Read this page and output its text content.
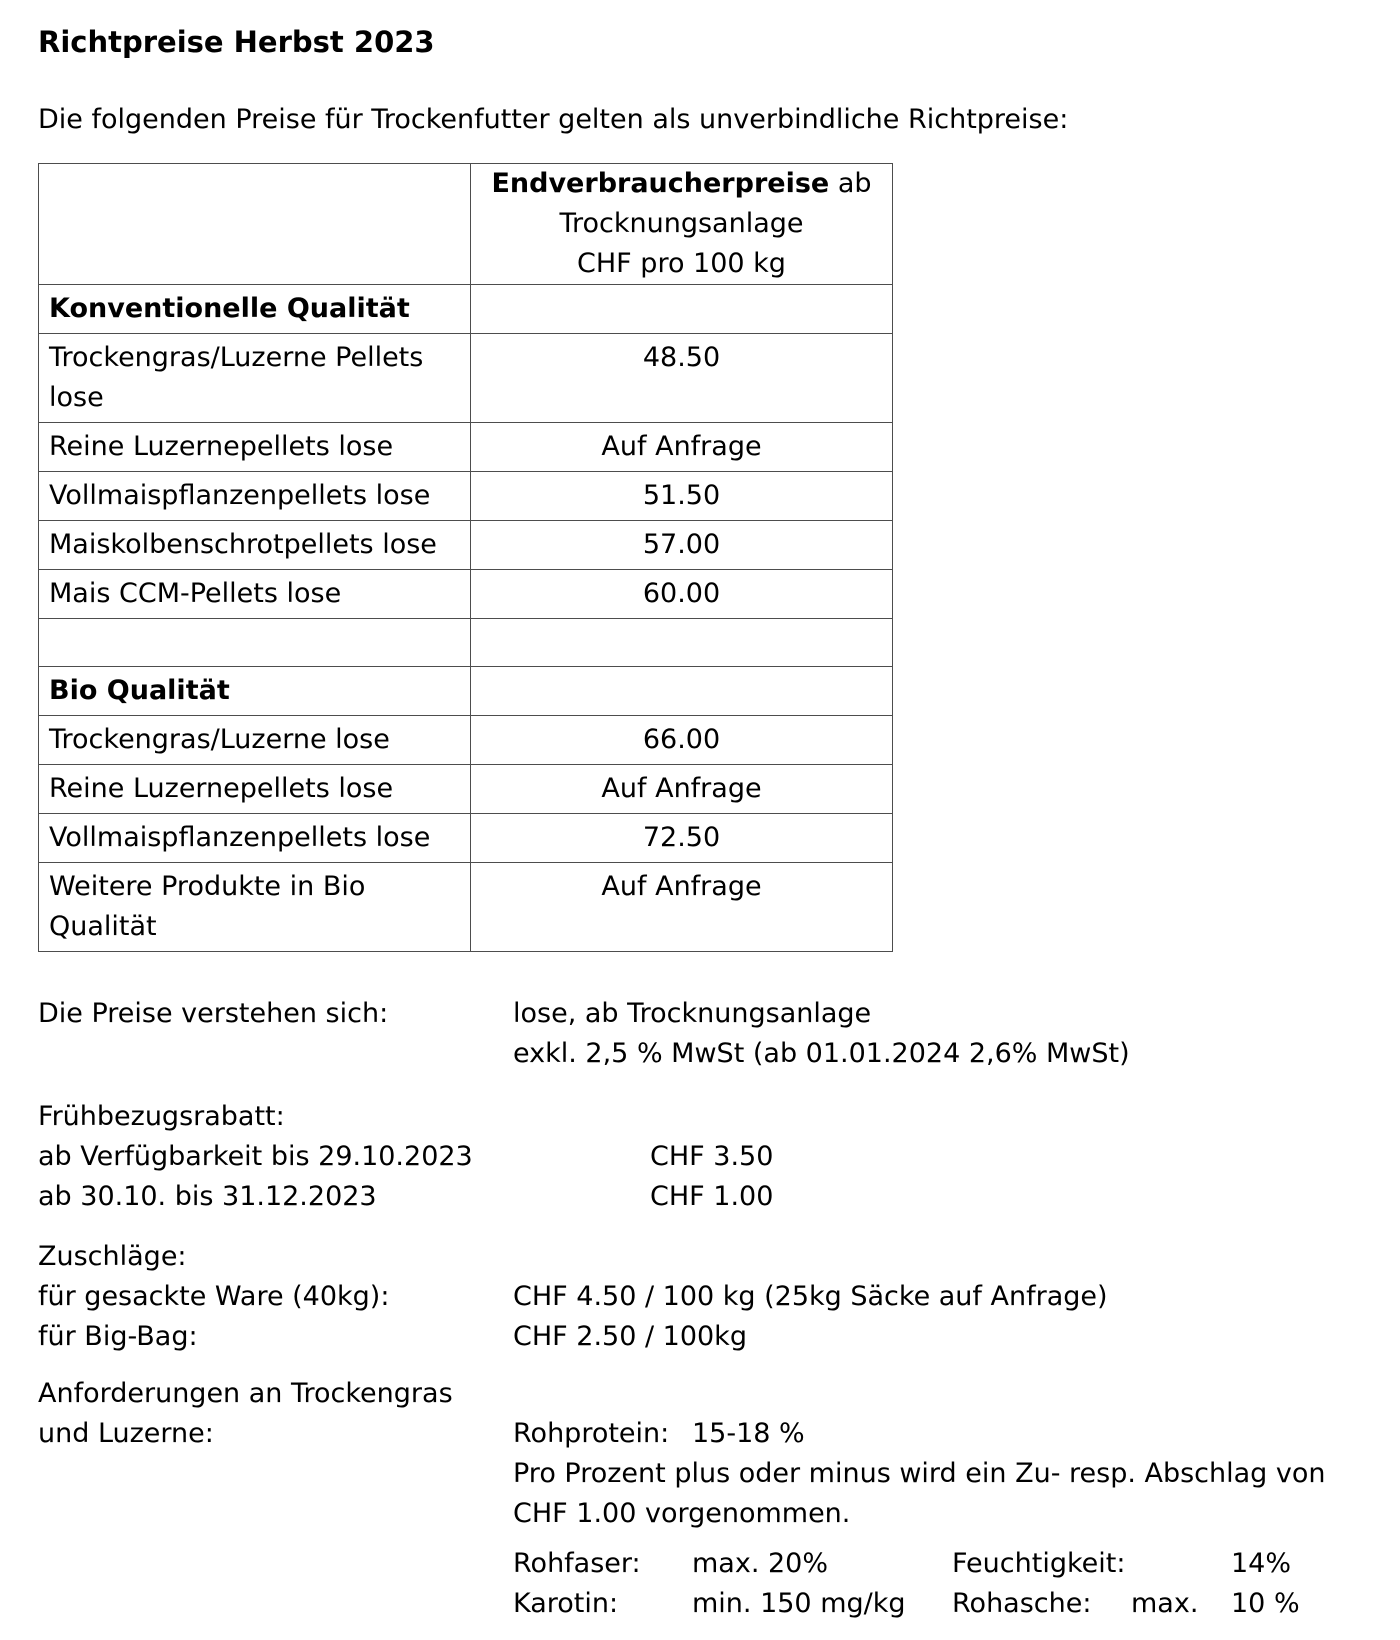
Richtpreise Herbst 2023
Die folgenden Preise für Trockenfutter gelten als unverbindliche Richtpreise:
	Endverbraucherpreise ab
Trocknungsanlage
CHF pro 100 kg
Konventionelle Qualität	
Trockengras/Luzerne Pellets lose	48.50
Reine Luzernepellets lose	Auf Anfrage
Vollmaispflanzenpellets lose	51.50
Maiskolbenschrotpellets lose	57.00
Mais CCM-Pellets lose	60.00

Bio Qualität	
Trockengras/Luzerne lose	66.00
Reine Luzernepellets lose	Auf Anfrage
Vollmaispflanzenpellets lose	72.50
Weitere Produkte in Bio Qualität	Auf Anfrage
Die Preise verstehen sich:	lose, ab Trocknungsanlage
exkl. 2,5 % MwSt (ab 01.01.2024 2,6% MwSt)
Frühbezugsrabatt:
ab Verfügbarkeit bis 29.10.2023	CHF 3.50
ab 30.10. bis 31.12.2023	CHF 1.00
Zuschläge:
für gesackte Ware (40kg):	CHF 4.50 / 100 kg (25kg Säcke auf Anfrage)
für Big-Bag:	CHF 2.50 / 100kg
Anforderungen an Trockengras
und Luzerne:	Rohprotein: 15-18 %
Pro Prozent plus oder minus wird ein Zu- resp. Abschlag von
CHF 1.00 vorgenommen.
Rohfaser:	max. 20%	Feuchtigkeit:	14%
Karotin:	min. 150 mg/kg	Rohasche:	max.	10 %
